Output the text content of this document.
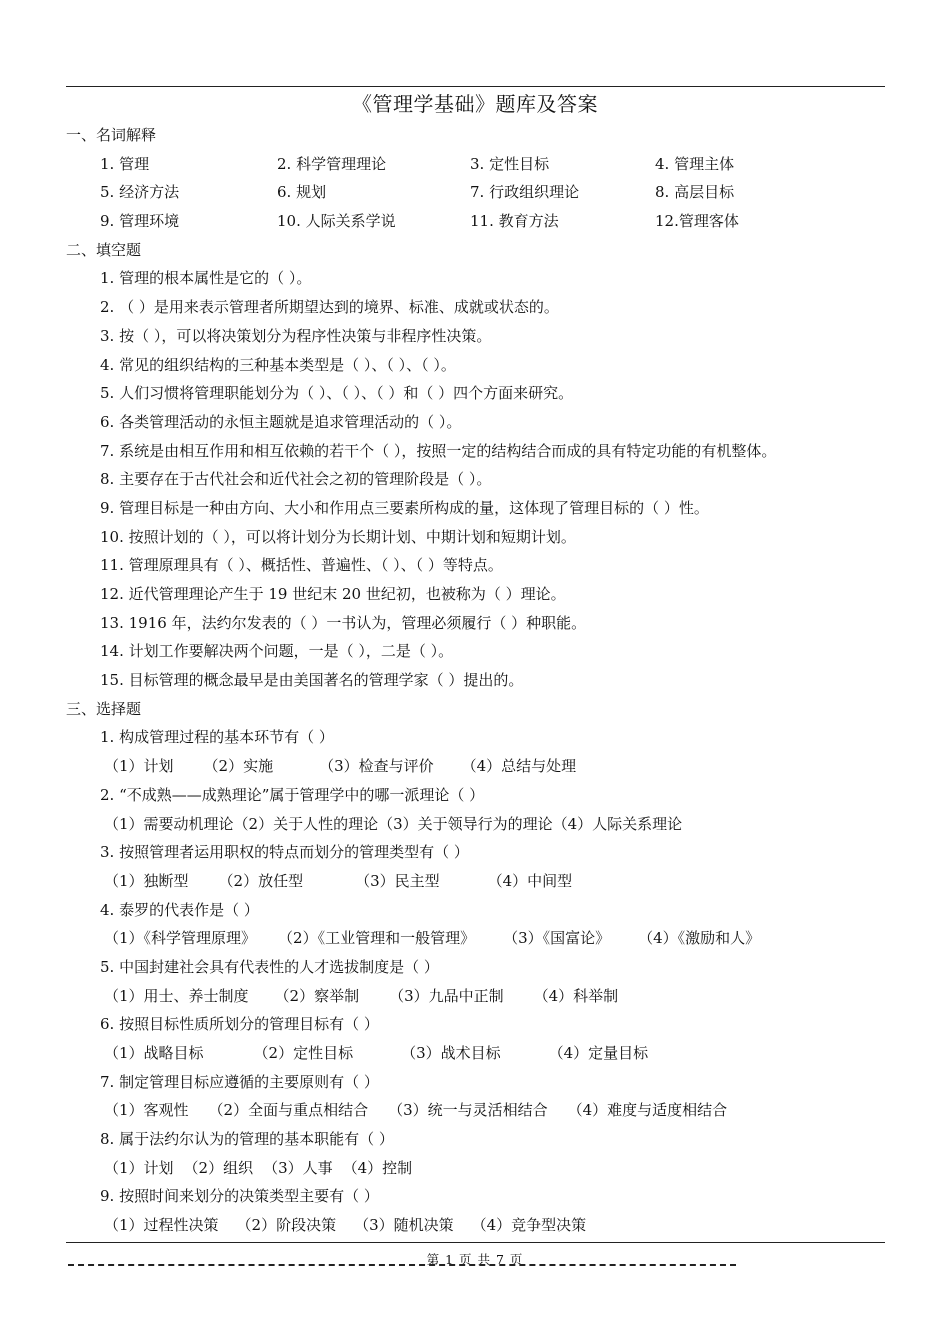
《管理学基础》题库及答案
一、名词解释
1. 管理	2. 科学管理理论	3. 定性目标	4. 管理主体
5. 经济方法	6. 规划	7. 行政组织理论	8. 高层目标
9. 管理环境	10. 人际关系学说	11. 教育方法	12.管理客体
二、填空题
1. 管理的根本属性是它的（ ）。
2. （ ）是用来表示管理者所期望达到的境界、标准、成就或状态的。
3. 按（ ），可以将决策划分为程序性决策与非程序性决策。
4. 常见的组织结构的三种基本类型是（ ）、（ ）、（ ）。
5. 人们习惯将管理职能划分为（ ）、（ ）、（ ）和（ ）四个方面来研究。
6. 各类管理活动的永恒主题就是追求管理活动的（ ）。
7. 系统是由相互作用和相互依赖的若干个（ ），按照一定的结构结合而成的具有特定功能的有机整体。
8. 主要存在于古代社会和近代社会之初的管理阶段是（ ）。
9. 管理目标是一种由方向、大小和作用点三要素所构成的量，这体现了管理目标的（ ）性。
10. 按照计划的（ ），可以将计划分为长期计划、中期计划和短期计划。
11. 管理原理具有（ ）、概括性、普遍性、（ ）、（ ）等特点。
12. 近代管理理论产生于 19 世纪末 20 世纪初，也被称为（ ）理论。
13. 1916 年，法约尔发表的（ ）一书认为，管理必须履行（ ）种职能。
14. 计划工作要解决两个问题，一是（ ），二是（ ）。
15. 目标管理的概念最早是由美国著名的管理学家（ ）提出的。
三、选择题
1. 构成管理过程的基本环节有（ ）
（1）计划 （2）实施	（3）检查与评价 （4）总结与处理
2. “不成熟——成熟理论”属于管理学中的哪一派理论（ ）
（1）需要动机理论（2）关于人性的理论（3）关于领导行为的理论（4）人际关系理论
3. 按照管理者运用职权的特点而划分的管理类型有（ ）
（1）独断型 （2）放任型	（3）民主型	（4）中间型
4. 泰罗的代表作是（ ）
（1）《科学管理原理》 （2）《工业管理和一般管理》 （3）《国富论》 （4）《激励和人》
5. 中国封建社会具有代表性的人才选拔制度是（ ）
（1）用士、养士制度 （2）察举制 （3）九品中正制 （4）科举制
6. 按照目标性质所划分的管理目标有（ ）
（1）战略目标	（2）定性目标	（3）战术目标	（4）定量目标
7. 制定管理目标应遵循的主要原则有（ ）
（1）客观性 （2）全面与重点相结合 （3）统一与灵活相结合 （4）难度与适度相结合
8. 属于法约尔认为的管理的基本职能有（ ）
（1）计划 （2）组织 （3）人事 （4）控制
9. 按照时间来划分的决策类型主要有（ ）
（1）过程性决策 （2）阶段决策 （3）随机决策 （4）竞争型决策
第 1 页 共 7 页
